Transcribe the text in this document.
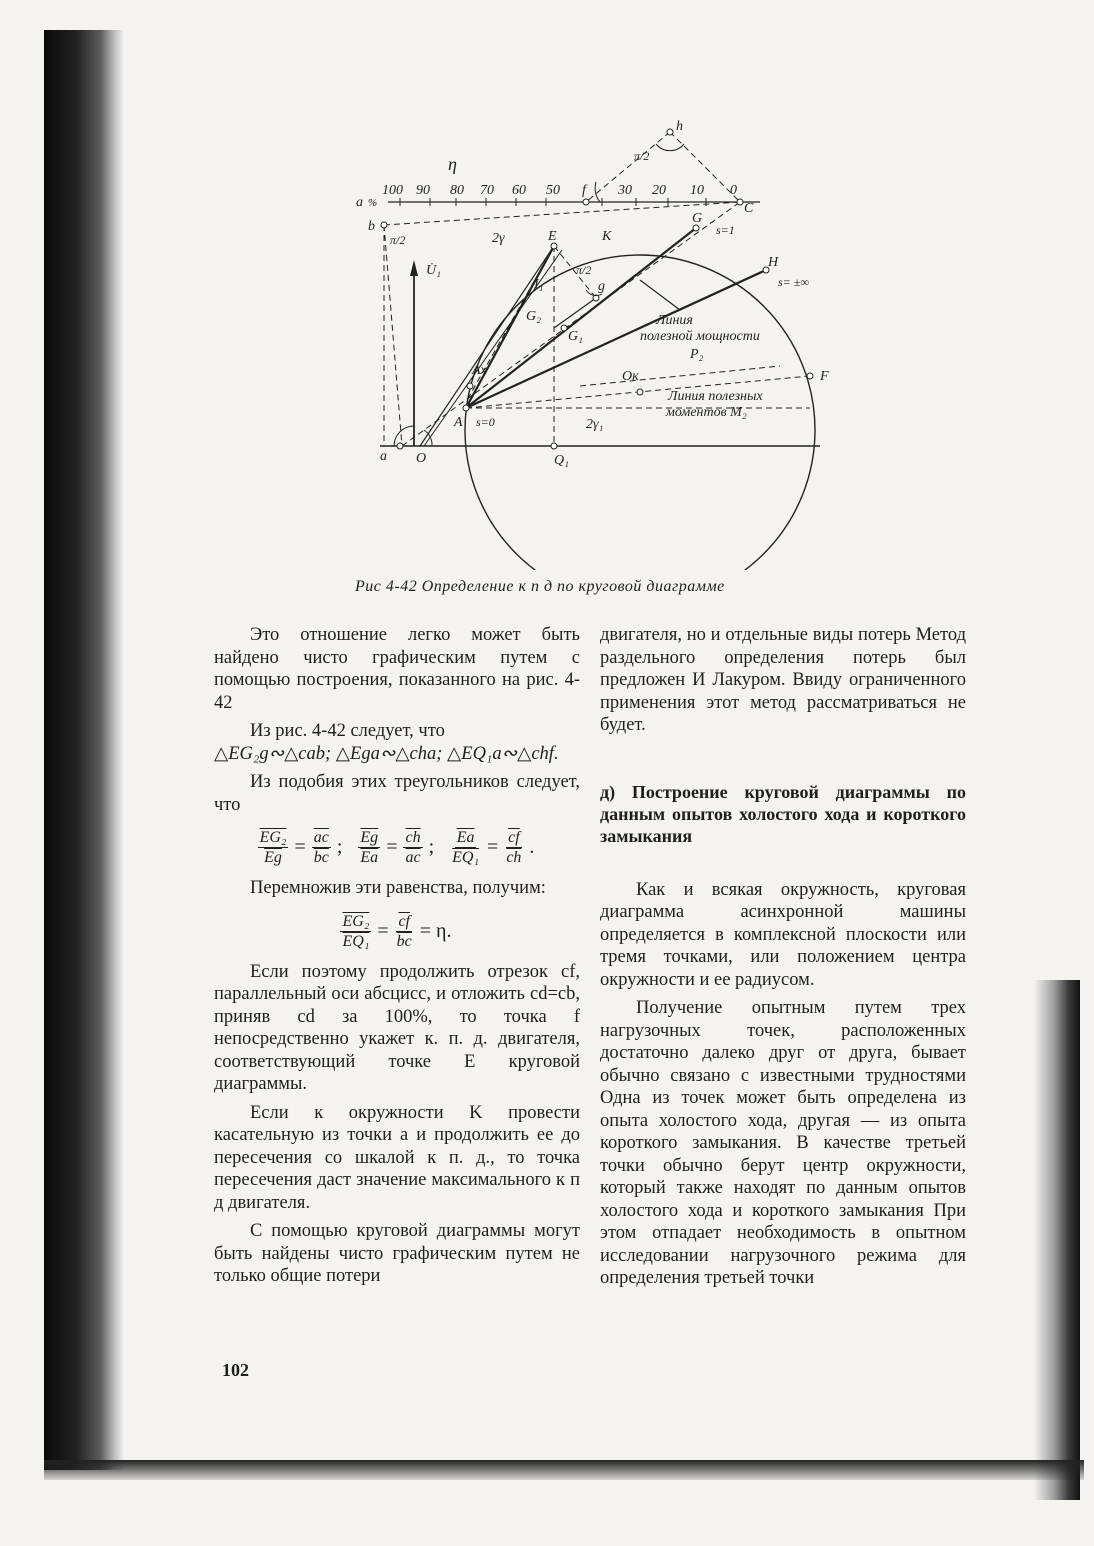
η
a %
100 90 80 70 60 50	30 20 10 0
C
h
f
π/2
b
π/2	2γ	E	K
G
s=1
H
s= ±∞
π/2
g
U̇₁
I₁
G₂
G₁
Линия
полезной мощности
P₂
Ax	Oк	F
Линия полезных
моментов M₂
A s=0	2γ₁
a O	Q₁
Рис 4-42 Определение к п д по круговой диаграмме

Это отношение легко может быть найдено чисто графическим путем с помощью построения, показанного на рис. 4-42

Из рис. 4-42 следует, что

△EG₂g∾△cab; △Ega∾△cha; △EQ₁a∾△chf.

Из подобия этих треугольников следует, что

$\frac{\text{EG₂}}{Eg} = \frac{\overline{ac}}{bc}$ ; $\frac{\overline{Eg}}{Ea} = \frac{\overline{ch}}{ac}$ ; $\frac{\overline{Ea}}{\text{EQ₁}} = \frac{\overline{cf}}{ch}$ .

Перемножив эти равенства, получим:

$\frac{\text{EG₂}}{\text{EQ₁}} = \frac{\overline{cf}}{bc} = \eta$.

Если поэтому продолжить отрезок cf, параллельный оси абсцисс, и отложить cd=cb, приняв cd за 100%, то точка f непосредственно укажет к. п. д. двигателя, соответствующий точке E круговой диаграммы.

Если к окружности K провести касательную из точки a и продолжить ее до пересечения со шкалой к п. д., то точка пересечения даст значение максимального к п д двигателя.

С помощью круговой диаграммы могут быть найдены чисто графическим путем не только общие потери

двигателя, но и отдельные виды потерь Метод раздельного определения потерь был предложен И Лакуром. Ввиду ограниченного применения этот метод рассматриваться не будет.

д) Построение круговой диаграммы по данным опытов холостого хода и короткого замыкания

Как и всякая окружность, круговая диаграмма асинхронной машины определяется в комплексной плоскости или тремя точками, или положением центра окружности и ее радиусом.

Получение опытным путем трех нагрузочных точек, расположенных достаточно далеко друг от друга, бывает обычно связано с известными трудностями Одна из точек может быть определена из опыта холостого хода, другая — из опыта короткого замыкания. В качестве третьей точки обычно берут центр окружности, который также находят по данным опытов холостого хода и короткого замыкания При этом отпадает необходимость в опытном исследовании нагрузочного режима для определения третьей точки

102
